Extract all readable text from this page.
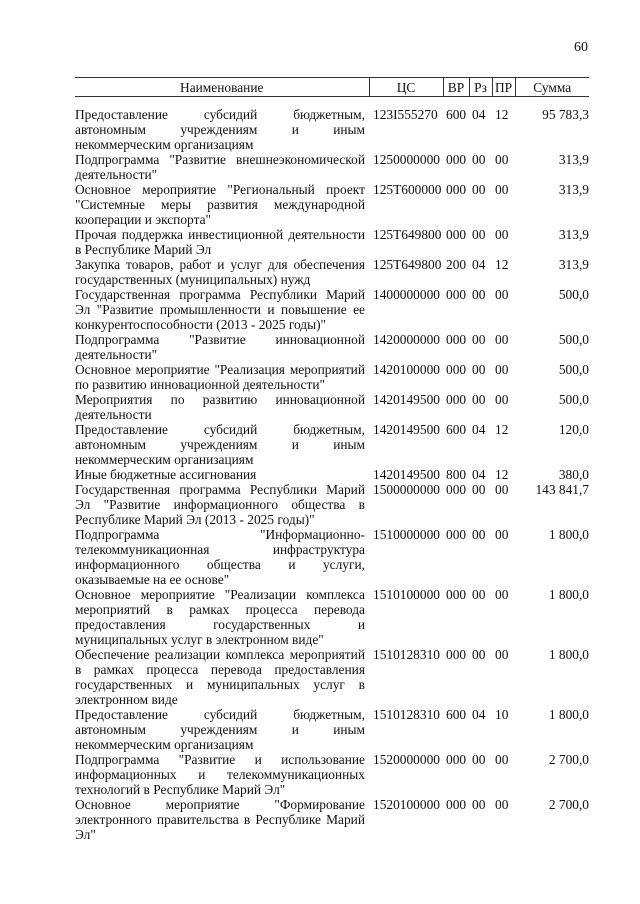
60
Наименование	ЦС	ВР	Рз	ПР	Сумма
Предоставление субсидий бюджетным, автономным учреждениям и иным некоммерческим организациям	123I555270	600	04	12	95 783,3
Подпрограмма "Развитие внешнеэкономической деятельности"	1250000000	000	00	00	313,9
Основное мероприятие "Региональный проект "Системные меры развития международной кооперации и экспорта"	125T600000	000	00	00	313,9
Прочая поддержка инвестиционной деятельности в Республике Марий Эл	125T649800	000	00	00	313,9
Закупка товаров, работ и услуг для обеспечения государственных (муниципальных) нужд	125T649800	200	04	12	313,9
Государственная программа Республики Марий Эл "Развитие промышленности и повышение ее конкурентоспособности (2013 - 2025 годы)"	1400000000	000	00	00	500,0
Подпрограмма "Развитие инновационной деятельности"	1420000000	000	00	00	500,0
Основное мероприятие "Реализация мероприятий по развитию инновационной деятельности"	1420100000	000	00	00	500,0
Мероприятия по развитию инновационной деятельности	1420149500	000	00	00	500,0
Предоставление субсидий бюджетным, автономным учреждениям и иным некоммерческим организациям	1420149500	600	04	12	120,0
Иные бюджетные ассигнования	1420149500	800	04	12	380,0
Государственная программа Республики Марий Эл "Развитие информационного общества в Республике Марий Эл (2013 - 2025 годы)"	1500000000	000	00	00	143 841,7
Подпрограмма "Информационно-телекоммуникационная инфраструктура информационного общества и услуги, оказываемые на ее основе"	1510000000	000	00	00	1 800,0
Основное мероприятие "Реализации комплекса мероприятий в рамках процесса перевода предоставления государственных и муниципальных услуг в электронном виде"	1510100000	000	00	00	1 800,0
Обеспечение реализации комплекса мероприятий в рамках процесса перевода предоставления государственных и муниципальных услуг в электронном виде	1510128310	000	00	00	1 800,0
Предоставление субсидий бюджетным, автономным учреждениям и иным некоммерческим организациям	1510128310	600	04	10	1 800,0
Подпрограмма "Развитие и использование информационных и телекоммуникационных технологий в Республике Марий Эл"	1520000000	000	00	00	2 700,0
Основное мероприятие "Формирование электронного правительства в Республике Марий Эл"	1520100000	000	00	00	2 700,0
